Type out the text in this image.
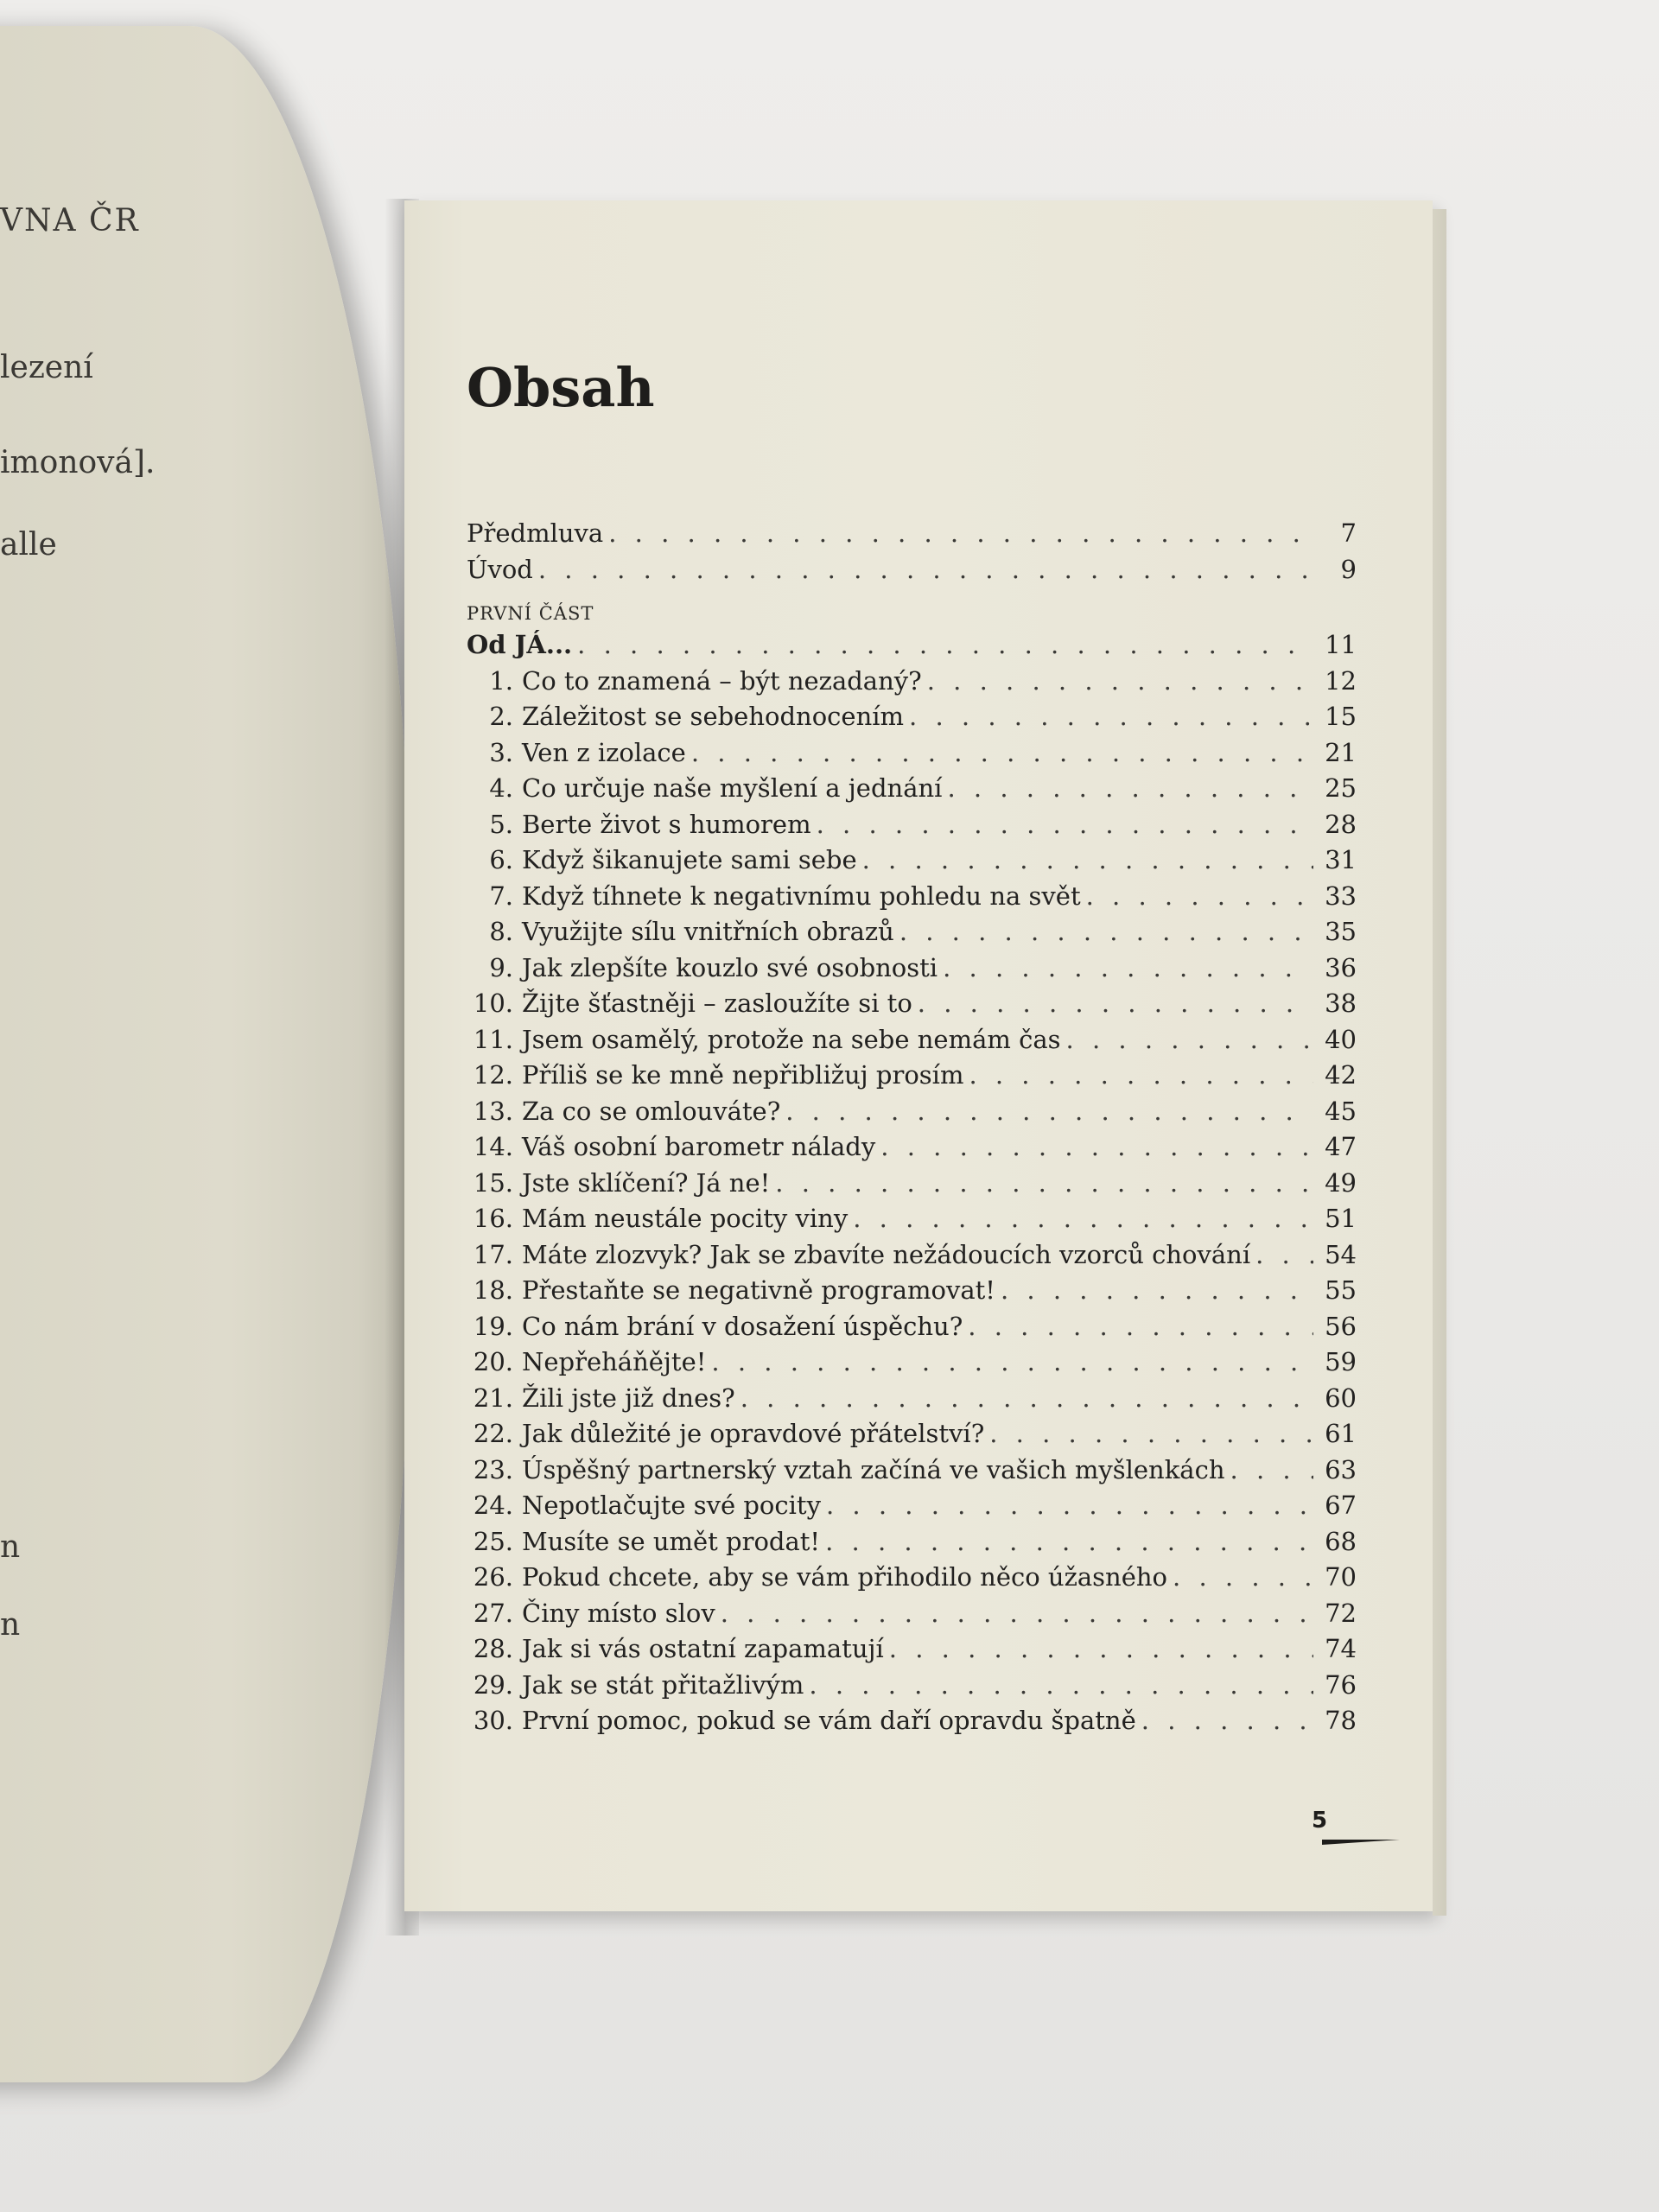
VNA ČR
lezení
imonová].
alle
n
n
Obsah
Předmluva . . .	7
Úvod . . .	9
PRVNÍ ČÁST
Od JÁ... . . .	11
1. Co to znamená – být nezadaný? . . .	12
2. Záležitost se sebehodnocením . . .	15
3. Ven z izolace . . .	21
4. Co určuje naše myšlení a jednání . . .	25
5. Berte život s humorem . . .	28
6. Když šikanujete sami sebe . . .	31
7. Když tíhnete k negativnímu pohledu na svět . . .	33
8. Využijte sílu vnitřních obrazů . . .	35
9. Jak zlepšíte kouzlo své osobnosti . . .	36
10. Žijte šťastněji – zasloužíte si to . . .	38
11. Jsem osamělý, protože na sebe nemám čas . . .	40
12. Příliš se ke mně nepřibližuj prosím . . .	42
13. Za co se omlouváte? . . .	45
14. Váš osobní barometr nálady . . .	47
15. Jste sklíčení? Já ne! . . .	49
16. Mám neustále pocity viny . . .	51
17. Máte zlozvyk? Jak se zbavíte nežádoucích vzorců chování . . .	54
18. Přestaňte se negativně programovat! . . .	55
19. Co nám brání v dosažení úspěchu? . . .	56
20. Nepřeháňějte! . . .	59
21. Žili jste již dnes? . . .	60
22. Jak důležité je opravdové přátelství? . . .	61
23. Úspěšný partnerský vztah začíná ve vašich myšlenkách . . .	63
24. Nepotlačujte své pocity . . .	67
25. Musíte se umět prodat! . . .	68
26. Pokud chcete, aby se vám přihodilo něco úžasného . . .	70
27. Činy místo slov . . .	72
28. Jak si vás ostatní zapamatují . . .	74
29. Jak se stát přitažlivým . . .	76
30. První pomoc, pokud se vám daří opravdu špatně . . .	78
5
